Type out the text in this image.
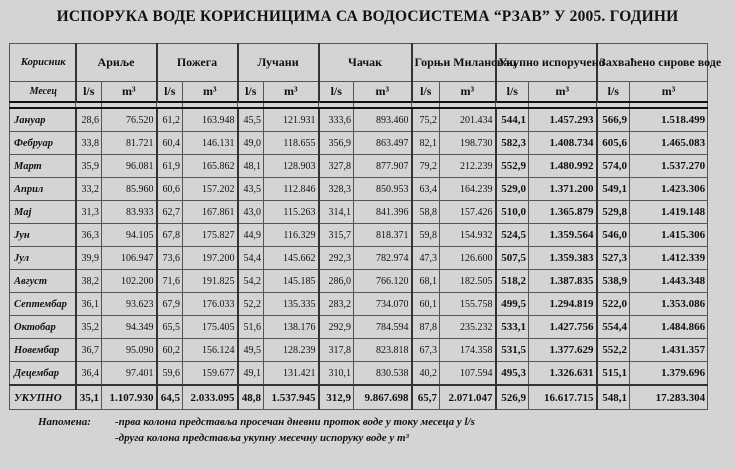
ИСПОРУКА ВОДЕ КОРИСНИЦИМА СА ВОДОСИСТЕМА “РЗАВ” У 2005. ГОДИНИ
Корисник	Ариље		Пожега		Лучани		Чачак		Горњи Милановац		Укупно испоручено		Захваћено сирове воде	
Месец	l/s	m³	l/s	m³	l/s	m³	l/s	m³	l/s	m³	l/s	m³	l/s	m³

Јануар	28,6	76.520	61,2	163.948	45,5	121.931	333,6	893.460	75,2	201.434	544,1	1.457.293	566,9	1.518.499
Фебруар	33,8	81.721	60,4	146.131	49,0	118.655	356,9	863.497	82,1	198.730	582,3	1.408.734	605,6	1.465.083
Март	35,9	96.081	61,9	165.862	48,1	128.903	327,8	877.907	79,2	212.239	552,9	1.480.992	574,0	1.537.270
Април	33,2	85.960	60,6	157.202	43,5	112.846	328,3	850.953	63,4	164.239	529,0	1.371.200	549,1	1.423.306
Мај	31,3	83.933	62,7	167.861	43,0	115.263	314,1	841.396	58,8	157.426	510,0	1.365.879	529,8	1.419.148
Јун	36,3	94.105	67,8	175.827	44,9	116.329	315,7	818.371	59,8	154.932	524,5	1.359.564	546,0	1.415.306
Јул	39,9	106.947	73,6	197.200	54,4	145.662	292,3	782.974	47,3	126.600	507,5	1.359.383	527,3	1.412.339
Август	38,2	102.200	71,6	191.825	54,2	145.185	286,0	766.120	68,1	182.505	518,2	1.387.835	538,9	1.443.348
Септембар	36,1	93.623	67,9	176.033	52,2	135.335	283,2	734.070	60,1	155.758	499,5	1.294.819	522,0	1.353.086
Октобар	35,2	94.349	65,5	175.405	51,6	138.176	292,9	784.594	87,8	235.232	533,1	1.427.756	554,4	1.484.866
Новембар	36,7	95.090	60,2	156.124	49,5	128.239	317,8	823.818	67,3	174.358	531,5	1.377.629	552,2	1.431.357
Децембар	36,4	97.401	59,6	159.677	49,1	131.421	310,1	830.538	40,2	107.594	495,3	1.326.631	515,1	1.379.696
УКУПНО	35,1	1.107.930	64,5	2.033.095	48,8	1.537.945	312,9	9.867.698	65,7	2.071.047	526,9	16.617.715	548,1	17.283.304
Напомена: -прва колона представља просечан дневни проток воде у току месеца у l/s
-друга колона представља укупну месечну испоруку воде у m³
